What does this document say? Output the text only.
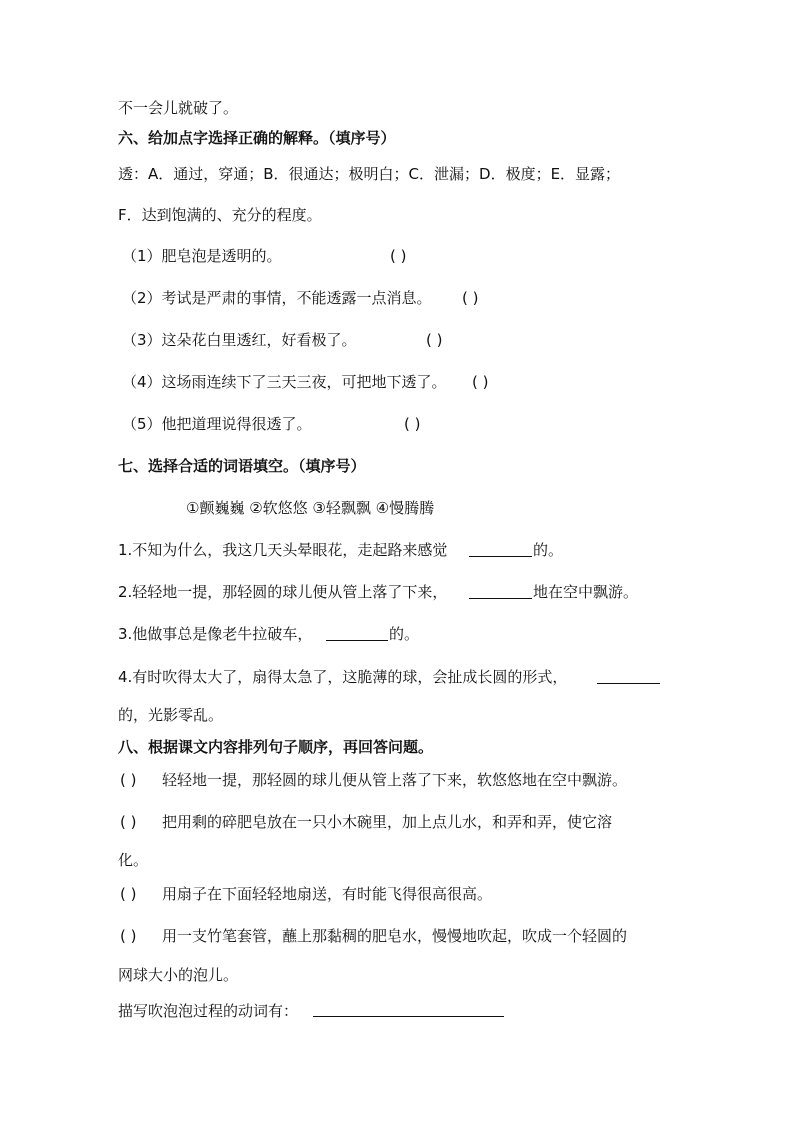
不一会儿就破了。
六、给加点字选择正确的解释。（填序号）
透：A．通过，穿通；B．很通达；极明白；C．泄漏；D．极度；E．显露；
F．达到饱满的、充分的程度。
（1）肥皂泡是透明的。	( )
（2）考试是严肃的事情，不能透露一点消息。 ( )
（3）这朵花白里透红，好看极了。	( )
（4）这场雨连续下了三天三夜，可把地下透了。 ( )
（5）他把道理说得很透了。	( )
七、选择合适的词语填空。（填序号）
①颤巍巍 ②软悠悠 ③轻飘飘 ④慢腾腾
1.不知为什么，我这几天头晕眼花，走起路来感觉	的。
2.轻轻地一提，那轻圆的球儿便从管上落了下来，	地在空中飘游。
3.他做事总是像老牛拉破车，	的。
4.有时吹得太大了，扇得太急了，这脆薄的球，会扯成长圆的形式，
的，光影零乱。
八、根据课文内容排列句子顺序，再回答问题。
( ) 轻轻地一提，那轻圆的球儿便从管上落了下来，软悠悠地在空中飘游。
( ) 把用剩的碎肥皂放在一只小木碗里，加上点儿水，和弄和弄，使它溶
化。
( ) 用扇子在下面轻轻地扇送，有时能飞得很高很高。
( ) 用一支竹笔套管，蘸上那黏稠的肥皂水，慢慢地吹起，吹成一个轻圆的
网球大小的泡儿。
描写吹泡泡过程的动词有：
